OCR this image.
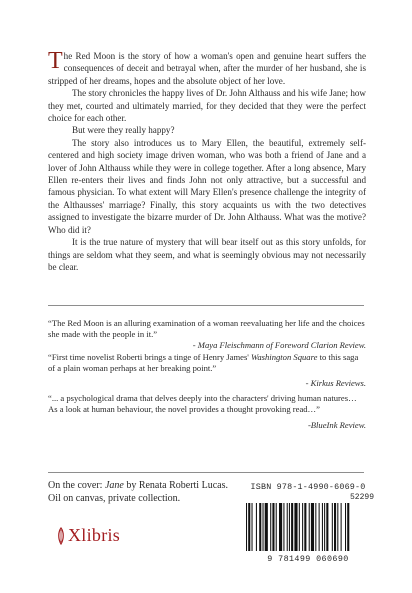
The Red Moon is the story of how a woman's open and genuine heart suffers the consequences of deceit and betrayal when, after the murder of her husband, she is stripped of her dreams, hopes and the absolute object of her love.

The story chronicles the happy lives of Dr. John Althauss and his wife Jane; how they met, courted and ultimately married, for they decided that they were the perfect choice for each other.

But were they really happy?

The story also introduces us to Mary Ellen, the beautiful, extremely self-centered and high society image driven woman, who was both a friend of Jane and a lover of John Althauss while they were in college together. After a long absence, Mary Ellen re-enters their lives and finds John not only attractive, but a successful and famous physician. To what extent will Mary Ellen's presence challenge the integrity of the Althausses' marriage? Finally, this story acquaints us with the two detectives assigned to investigate the bizarre murder of Dr. John Althauss. What was the motive? Who did it?

It is the true nature of mystery that will bear itself out as this story unfolds, for things are seldom what they seem, and what is seemingly obvious may not necessarily be clear.

“The Red Moon is an alluring examination of a woman reevaluating her life and the choices she made with the people in it.”

- Maya Fleischmann of Foreword Clarion Review.

“First time novelist Roberti brings a tinge of Henry James' Washington Square to this saga of a plain woman perhaps at her breaking point.”

- Kirkus Reviews.

“... a psychological drama that delves deeply into the characters' driving human natures… As a look at human behaviour, the novel provides a thought provoking read…”

-BlueInk Review.

On the cover: Jane by Renata Roberti Lucas.

Oil on canvas, private collection.

Xlibris
ISBN 978-1-4990-6069-0
52299
9 781499 060690
